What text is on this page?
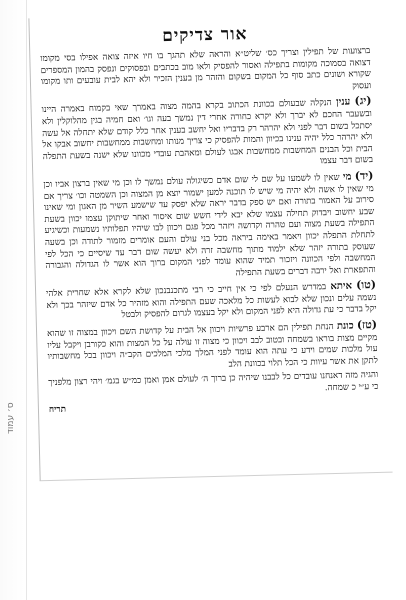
ס׳ עמוד
אור צדיקים

ברצועות של תפילין וצריך כס׳ שליט״א והראה שלא תהגך בו חיו איזה צואה אפילו בסי מקומו דצואה בסמוכה מקומות בתפילה ואסור להפסיק ולאו מוב בכתבים ובפסוקים ונפסק בהמון המספרים שקורא ושונים כתב סוף כל המקום בשקום והזהר מן בענין הזכיר ולא יהא לבית עובעים ותו מקומו ועסוק

(יג) ענין הנקלה שבעולם בכוונת הכתוב בקרא בהמה מצוה באמרך שאי בקמוח באמרה היינו ובשעבר החכם לא יברך ולא יקרא כחורה אחרי דין נמשך בעה וגו׳ ואם חמיה בגין מהלוקלין ולא יסתכל בשום דבר לפני ולא יהרהר רק בדבריו ואל יחשב בענין אחר כלל קודם שלא יתחלה אל עשה ולא יהרהר כלל יהיה ענינו בכיוון והמות להפסיק כי צריך מנותו ומחשבות ממחשבות יחשוב אבקו אל הבית וכל הבנים המחשבות ממחשבות אבגו לעולם ומאהבת עובדי מכוונו שלא ישנה בשעת התפלה בשום דבר עצמו

(יד) מי שאין לו לשמעו על שם לי שום אדם כשיגולה עולם נמשך לו וכן מי שאין ברצון אביו וכן מי שאין לו אשה ולא יהיה מי שיש לו תוכנה למען ישמור יוצא מן המצוה וכן השמטה וכו׳ צריך אם סירוב על האמור בתורה ואם יש ספק בדבר יראה שלא יפסק עד שישמע השיר מן האגון ומי שאינו שבע יחשוב ויבדוק תחילה עצמו שלא יבא לידי חשש שום איסור ואחר שיתוקן עצמו יכוון בשעת התפילה בשעת מצוה ועם טהרה וקדושה ויזהר מכל פגם ויכוון לבו שיהיו תפלותיו נשמעות וכשיגיע לתחלת התפלה יכוון ויאמר באימה ביראה מכל בני עולם והעם אומרים מזמור לתודה וכן בשעה שעוסק בתורה יזהר שלא ילמוד מתוך מחשבה זרה ולא יעשה שום דבר עד שיסיים כי הכל לפי המחשבה ולפי הכוונה ויזכור תמיד שהוא עומד לפני המקום ברוך הוא אשר לו הגדולה והגבורה והתפארת ואל ירבה דברים בשעת התפילה

(טו) איתא במדרש הנעלם לפי כי אין חייב כי רבי מתכנבנכון שלא לקרא אלא שחרית אלהי נשמה עלים ונכון שלא לבוא לעשות כל מלאכה שעם התפילה והוא מזהיר כל אדם שיזהר בכך ולא יקל בדבר כי עת גדולה היא לפני המקום ולא יקל בעצמו לגרום להפסיק ולבטל

(טז) כונת הנחת תפילין הם ארבע פרשיות ויכוון אל הבית על קדושת השם ויכוון במצוה זו שהוא מקיים מצות בוראו בשמחה ובטוב לבב ויכוון כי מצוה זו עולה על כל המצות והוא כקורבן ויקבל עליו עול מלכות שמים וידע כי עתה הוא עומד לפני המלך מלכי המלכים הקב״ה ויכוון בכל מחשבותיו לתקן את אשר עיוות כי הכל תלוי בכוונת הלב

והגיה מזה דאנחנו עובדים כל לבבנו שיהיה כן ברוך ה׳ לעולם אמן ואמן כמ״ש בגמ׳ ויהי רצון מלפניך כי ע״י כ שמחה.

תריח
